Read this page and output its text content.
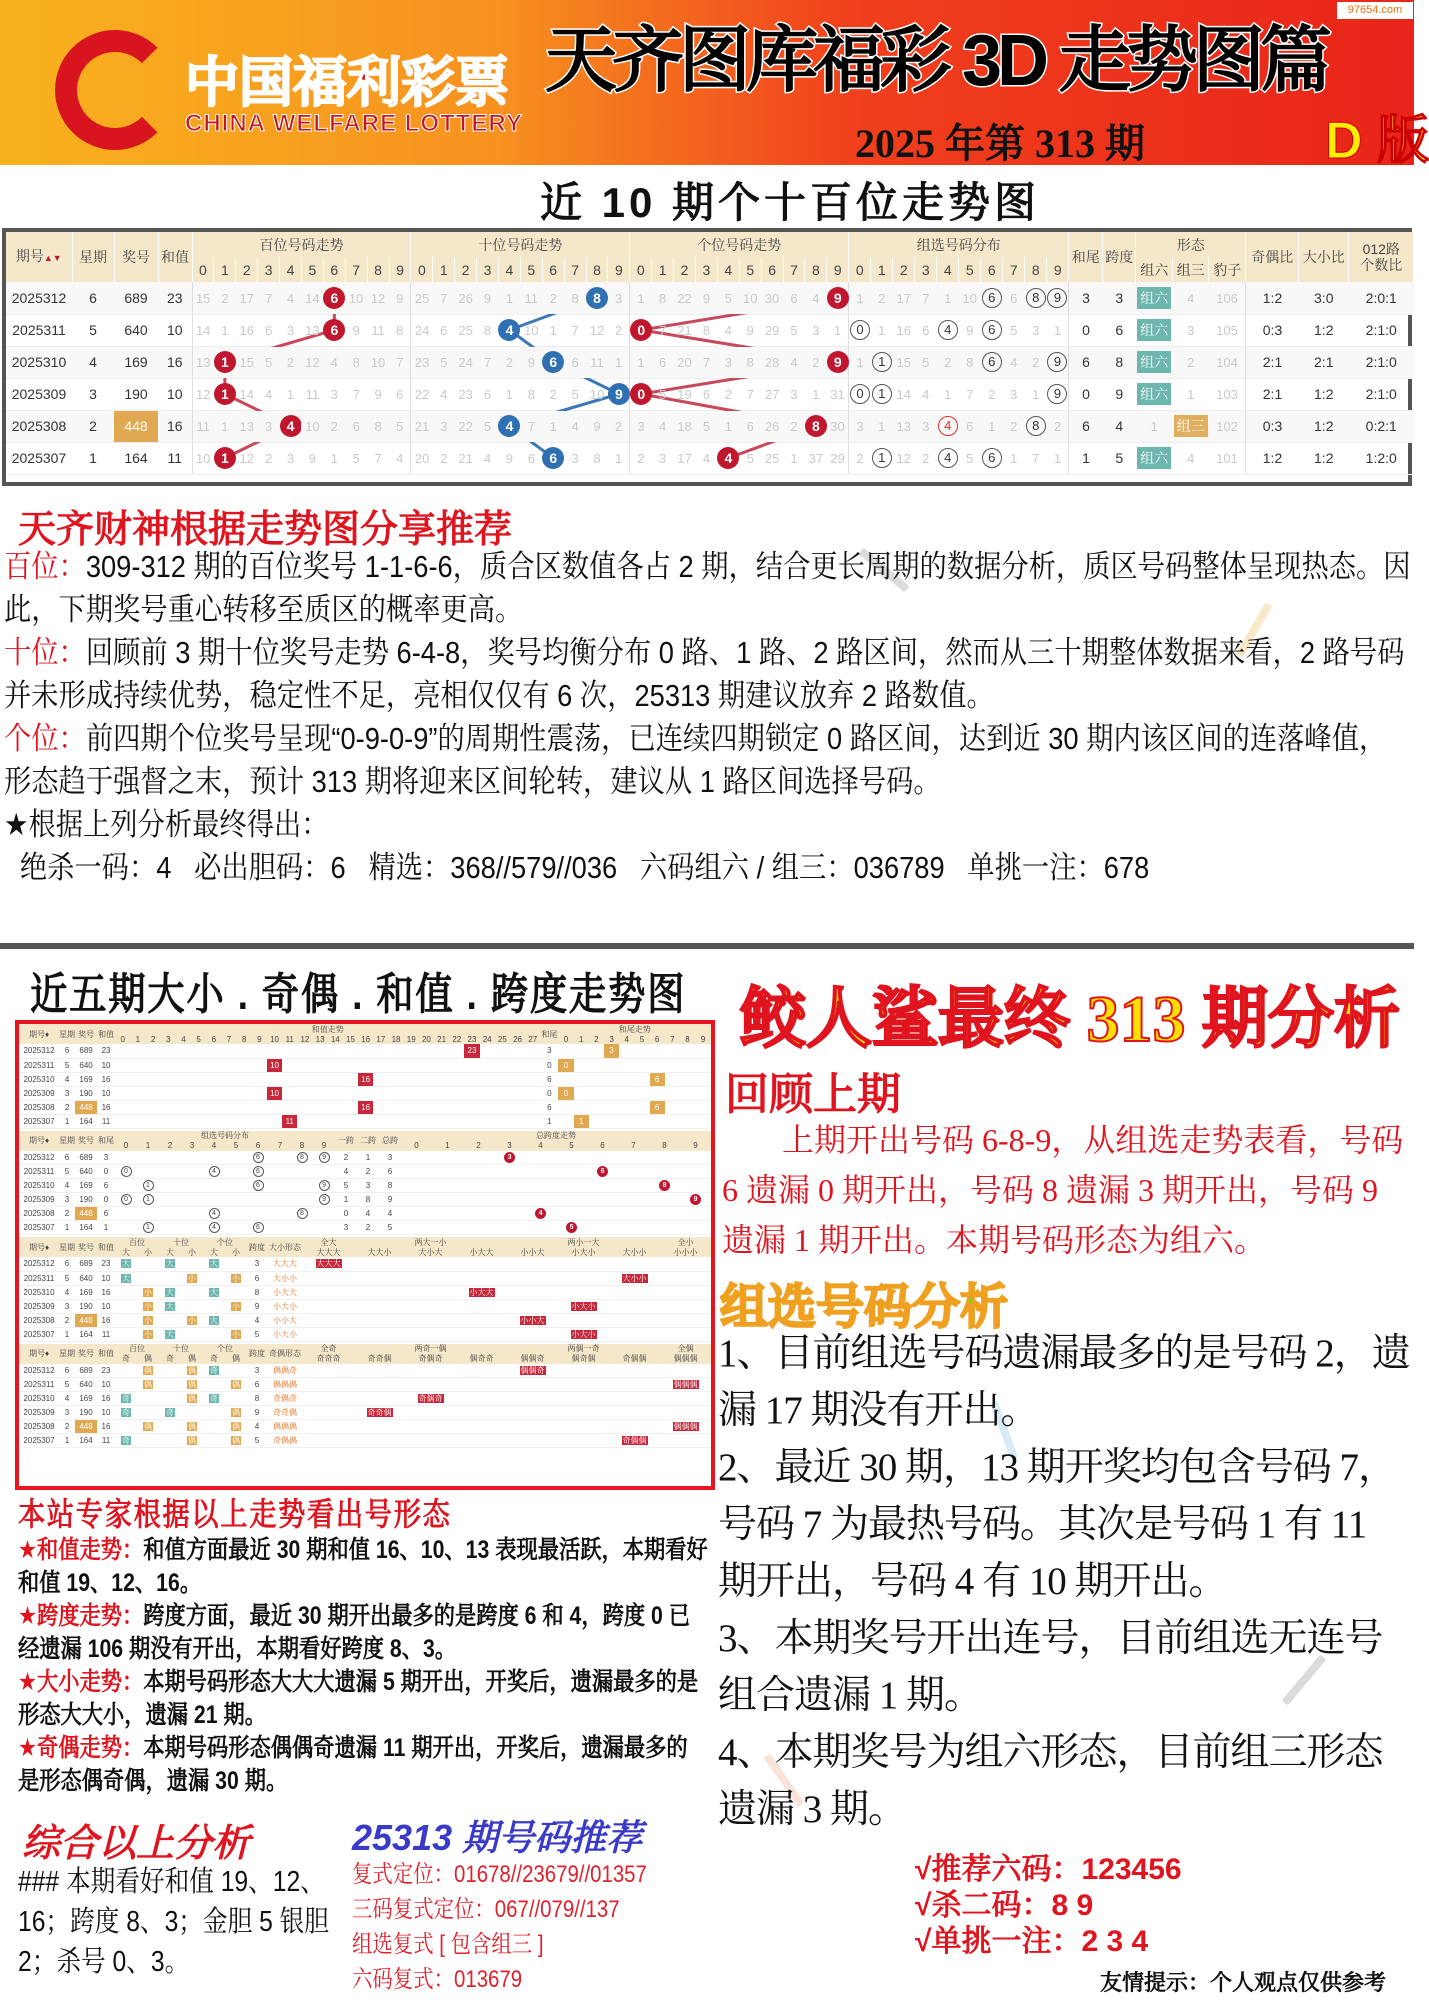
中国福利彩票
CHINA WELFARE LOTTERY
天齐图库福彩 3D 走势图篇
2025 年第 313 期	D 版
97654.com
近 10 期个十百位走势图
期号▲▼	星期	奖号	和值	百位号码走势										十位号码走势										个位号码走势										组选号码分布										和尾	跨度	形态			奇偶比	大小比	012路
个数比

				0	1	2	3	4	5	6	7	8	9	0	1	2	3	4	5	6	7	8	9	0	1	2	3	4	5	6	7	8	9	0	1	2	3	4	5	6	7	8	9			组六	组三	豹子			
2025312	6	689	23	15	2	17	7	4	14	6	10	12	9	25	7	26	9	1	11	2	8	8	3	1	8	22	9	5	10	30	6	4	9	1	2	17	7	1	10	6	6	8	9	3	3	组六	4	106	1:2	3:0	2:0:1
2025311	5	640	10	14	1	16	6	3	13	6	9	11	8	24	6	25	8	4	10	1	7	12	2	0	7	21	8	4	9	29	5	3	1	0	1	16	6	4	9	6	5	3	1	0	6	组六	3	105	0:3	1:2	2:1:0
2025310	4	169	16	13	1	15	5	2	12	4	8	10	7	23	5	24	7	2	9	6	6	11	1	1	6	20	7	3	8	28	4	2	9	1	1	15	5	2	8	6	4	2	9	6	8	组六	2	104	2:1	2:1	2:1:0
2025309	3	190	10	12	1	14	4	1	11	3	7	9	6	22	4	23	6	1	8	2	5	10	9	0	5	19	6	2	7	27	3	1	31	0	1	14	4	1	7	2	3	1	9	0	9	组六	1	103	2:1	1:2	2:1:0
2025308	2	448	16	11	1	13	3	4	10	2	6	8	5	21	3	22	5	4	7	1	4	9	2	3	4	18	5	1	6	26	2	8	30	3	1	13	3	4	6	1	2	8	2	6	4	1	组三	102	0:3	1:2	0:2:1
2025307	1	164	11	10	1	12	2	3	9	1	5	7	4	20	2	21	4	9	6	6	3	8	1	2	3	17	4	4	5	25	1	37	29	2	1	12	2	4	5	6	1	7	1	1	5	组六	4	101	1:2	1:2	1:2:0
天齐财神根据走势图分享推荐

百位：309-312 期的百位奖号 1-1-6-6，质合区数值各占 2 期，结合更长周期的数据分析，质区号码整体呈现热态。因此，下期奖号重心转移至质区的概率更高。

十位：回顾前 3 期十位奖号走势 6-4-8，奖号均衡分布 0 路、1 路、2 路区间，然而从三十期整体数据来看，2 路号码并未形成持续优势，稳定性不足，亮相仅仅有 6 次，25313 期建议放弃 2 路数值。

个位：前四期个位奖号呈现“0-9-0-9”的周期性震荡，已连续四期锁定 0 路区间，达到近 30 期内该区间的连落峰值，形态趋于强督之末，预计 313 期将迎来区间轮转，建议从 1 路区间选择号码。

★根据上列分析最终得出：

绝杀一码：4   必出胆码：6   精选：368//579//036   六码组六 / 组三：036789   单挑一注：678

近五期大小 . 奇偶 . 和值 . 跨度走势图
期号♦	星期	奖号	和值	和值走势																												和尾	和尾走势									
				0	1	2	3	4	5	6	7	8	9	10	11	12	13	14	15	16	17	18	19	20	21	22	23	24	25	26	27		0	1	2	3	4	5	6	7	8	9
2025312	6	689	23																								23					3				3						
2025311	5	640	10											10																		0	0									
2025310	4	169	16																	16												6							6			
2025309	3	190	10											10																		0	0									
2025308	2	448	16																	16												6							6			
2025307	1	164	11												11																	1		1								
期号♦	星期	奖号	和尾	组选号码分布										一跨	二跨	总跨	总跨度走势									
				0	1	2	3	4	5	6	7	8	9				0	1	2	3	4	5	6	7	8	9
2025312	6	689	3							6		8	9	2	1	3				3						
2025311	5	640	0	0				4		6				4	2	6							6			
2025310	4	169	6		1					6			9	5	3	8									8	
2025309	3	190	0	0	1								9	1	8	9										9
2025308	2	448	6					4				8		0	4	4					4					
2025307	1	164	1		1			4		6				3	2	5						5				
期号♦	星期	奖号	和值	百位		十位		个位		跨度	大小形态	全大	两大一小			两小一大			全小
				大	小	大	小	大	小			大大大	大大小	大小大	小大大	小小大	小大小	大小小	小小小
2025312	6	689	23	大		大		大		3	大大大	大大大							
2025311	5	640	10	大			小		小	6	大小小							大小小	
2025310	4	169	16		小	大		大		8	小大大				小大大				
2025309	3	190	10		小	大			小	9	小大小						小大小		
2025308	2	448	16		小		小	大		4	小小大					小小大			
2025307	1	164	11		小	大			小	5	小大小						小大小		
期号♦	星期	奖号	和值	百位		十位		个位		跨度	奇偶形态	全奇	两奇一偶			两偶一奇			全偶
				奇	偶	奇	偶	奇	偶			奇奇奇	奇奇偶	奇偶奇	偶奇奇	偶偶奇	偶奇偶	奇偶偶	偶偶偶
2025312	6	689	23		偶		偶	奇		3	偶偶奇					偶偶奇			
2025311	5	640	10		偶		偶		偶	6	偶偶偶								偶偶偶
2025310	4	169	16	奇			偶	奇		8	奇偶奇			奇偶奇					
2025309	3	190	10	奇		奇			偶	9	奇奇偶		奇奇偶						
2025308	2	448	16		偶		偶		偶	4	偶偶偶								偶偶偶
2025307	1	164	11	奇			偶		偶	5	奇偶偶							奇偶偶	
本站专家根据以上走势看出号形态

★和值走势：和值方面最近 30 期和值 16、10、13 表现最活跃，本期看好和值 19、12、16。

★跨度走势：跨度方面，最近 30 期开出最多的是跨度 6 和 4，跨度 0 已经遗漏 106 期没有开出，本期看好跨度 8、3。

★大小走势：本期号码形态大大大遗漏 5 期开出，开奖后，遗漏最多的是形态大大小，遗漏 21 期。

★奇偶走势：本期号码形态偶偶奇遗漏 11 期开出，开奖后，遗漏最多的是形态偶奇偶，遗漏 30 期。

综合以上分析
### 本期看好和值 19、12、16；跨度 8、3；金胆 5 银胆 2；杀号 0、3。
25313 期号码推荐
复式定位：01678//23679//01357
三码复式定位：067//079//137
组选复式 [ 包含组三 ]
六码复式：013679
鲛人鲨最终 313 期分析
回顾上期
上期开出号码 6-8-9，从组选走势表看，号码 6 遗漏 0 期开出，号码 8 遗漏 3 期开出，号码 9 遗漏 1 期开出。本期号码形态为组六。
组选号码分析

1、目前组选号码遗漏最多的是号码 2，遗漏 17 期没有开出。

2、最近 30 期，13 期开奖均包含号码 7，号码 7 为最热号码。其次是号码 1 有 11 期开出，号码 4 有 10 期开出。

3、本期奖号开出连号，目前组选无连号组合遗漏 1 期。

4、本期奖号为组六形态，目前组三形态遗漏 3 期。

√推荐六码：123456
√杀二码：8 9
√单挑一注：2 3 4
友情提示：个人观点仅供参考
